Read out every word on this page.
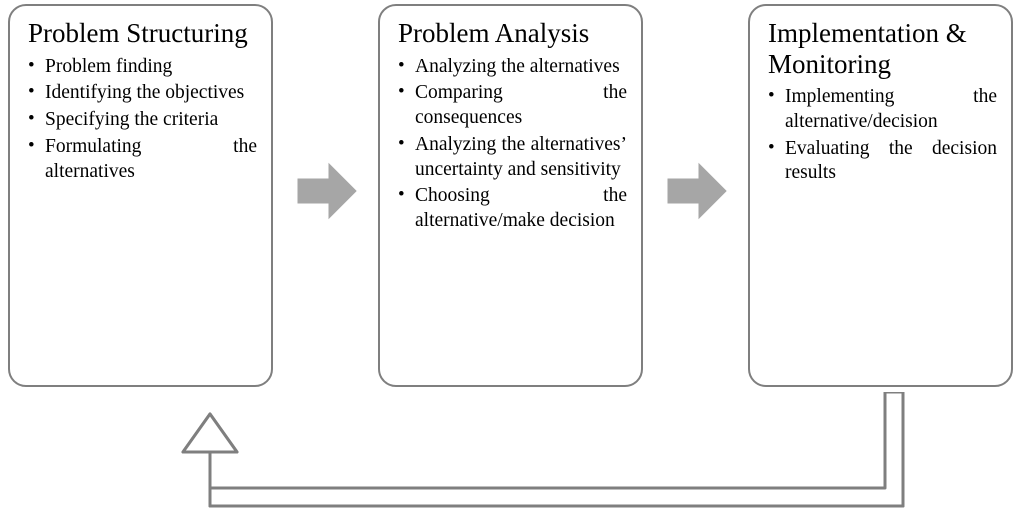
Problem Structuring
• Problem finding
• Identifying the objectives
• Specifying the criteria
• Formulating the alternatives
Problem Analysis
• Analyzing the alternatives
• Comparing the consequences
• Analyzing the alternatives’ uncertainty and sensitivity
• Choosing the alternative/make decision
Implementation & Monitoring
• Implementing the alternative/decision
• Evaluating the decision results
